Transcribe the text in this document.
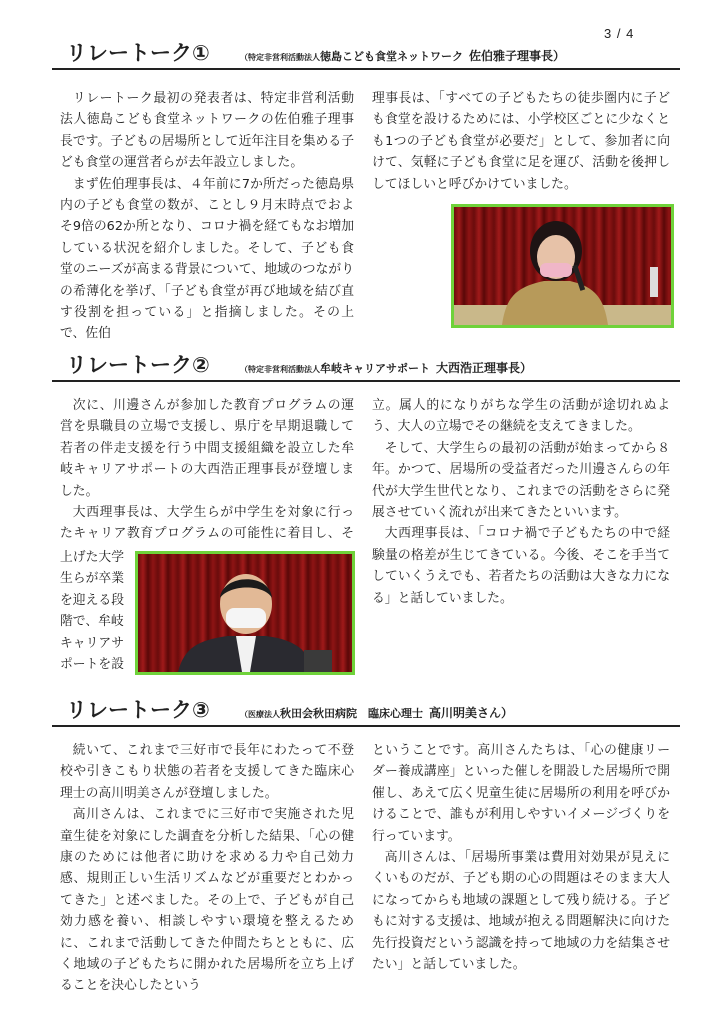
3 / 4
リレートーク①	（特定非営利活動法人徳島こども食堂ネットワーク 佐伯雅子理事長）

リレートーク最初の発表者は、特定非営利活動法人徳島こども食堂ネットワークの佐伯雅子理事長です。子どもの居場所として近年注目を集める子ども食堂の運営者らが去年設立しました。

まず佐伯理事長は、４年前に7か所だった徳島県内の子ども食堂の数が、ことし９月末時点でおよそ9倍の62か所となり、コロナ禍を経てもなお増加している状況を紹介しました。そして、子ども食堂のニーズが高まる背景について、地域のつながりの希薄化を挙げ、「子ども食堂が再び地域を結び直す役割を担っている」と指摘しました。その上で、佐伯

理事長は、「すべての子どもたちの徒歩圏内に子ども食堂を設けるためには、小学校区ごとに少なくとも1つの子ども食堂が必要だ」として、参加者に向けて、気軽に子ども食堂に足を運び、活動を後押ししてほしいと呼びかけていました。

リレートーク②	（特定非営利活動法人牟岐キャリアサポート 大西浩正理事長）

次に、川邊さんが参加した教育プログラムの運営を県職員の立場で支援し、県庁を早期退職して若者の伴走支援を行う中間支援組織を設立した牟岐キャリアサポートの大西浩正理事長が登壇しました。

大西理事長は、大学生らが中学生を対象に行ったキャリア教育プログラムの可能性に着目し、そ

上げた大学生らが卒業を迎える段階で、牟岐キャリアサポートを設

立。属人的になりがちな学生の活動が途切れぬよう、大人の立場でその継続を支えてきました。

そして、大学生らの最初の活動が始まってから８年。かつて、居場所の受益者だった川邊さんらの年代が大学生世代となり、これまでの活動をさらに発展させていく流れが出来てきたといいます。

大西理事長は、「コロナ禍で子どもたちの中で経験量の格差が生じてきている。今後、そこを手当てしていくうえでも、若者たちの活動は大きな力になる」と話していました。

リレートーク③	（医療法人秋田会秋田病院　臨床心理士 高川明美さん）

続いて、これまで三好市で長年にわたって不登校や引きこもり状態の若者を支援してきた臨床心理士の高川明美さんが登壇しました。

高川さんは、これまでに三好市で実施された児童生徒を対象にした調査を分析した結果、「心の健康のためには他者に助けを求める力や自己効力感、規則正しい生活リズムなどが重要だとわかってきた」と述べました。その上で、子どもが自己効力感を養い、相談しやすい環境を整えるために、これまで活動してきた仲間たちとともに、広く地域の子どもたちに開かれた居場所を立ち上げることを決心したという

ということです。高川さんたちは、「心の健康リーダー養成講座」といった催しを開設した居場所で開催し、あえて広く児童生徒に居場所の利用を呼びかけることで、誰もが利用しやすいイメージづくりを行っています。

高川さんは、「居場所事業は費用対効果が見えにくいものだが、子ども期の心の問題はそのまま大人になってからも地域の課題として残り続ける。子どもに対する支援は、地域が抱える問題解決に向けた先行投資だという認識を持って地域の力を結集させたい」と話していました。
